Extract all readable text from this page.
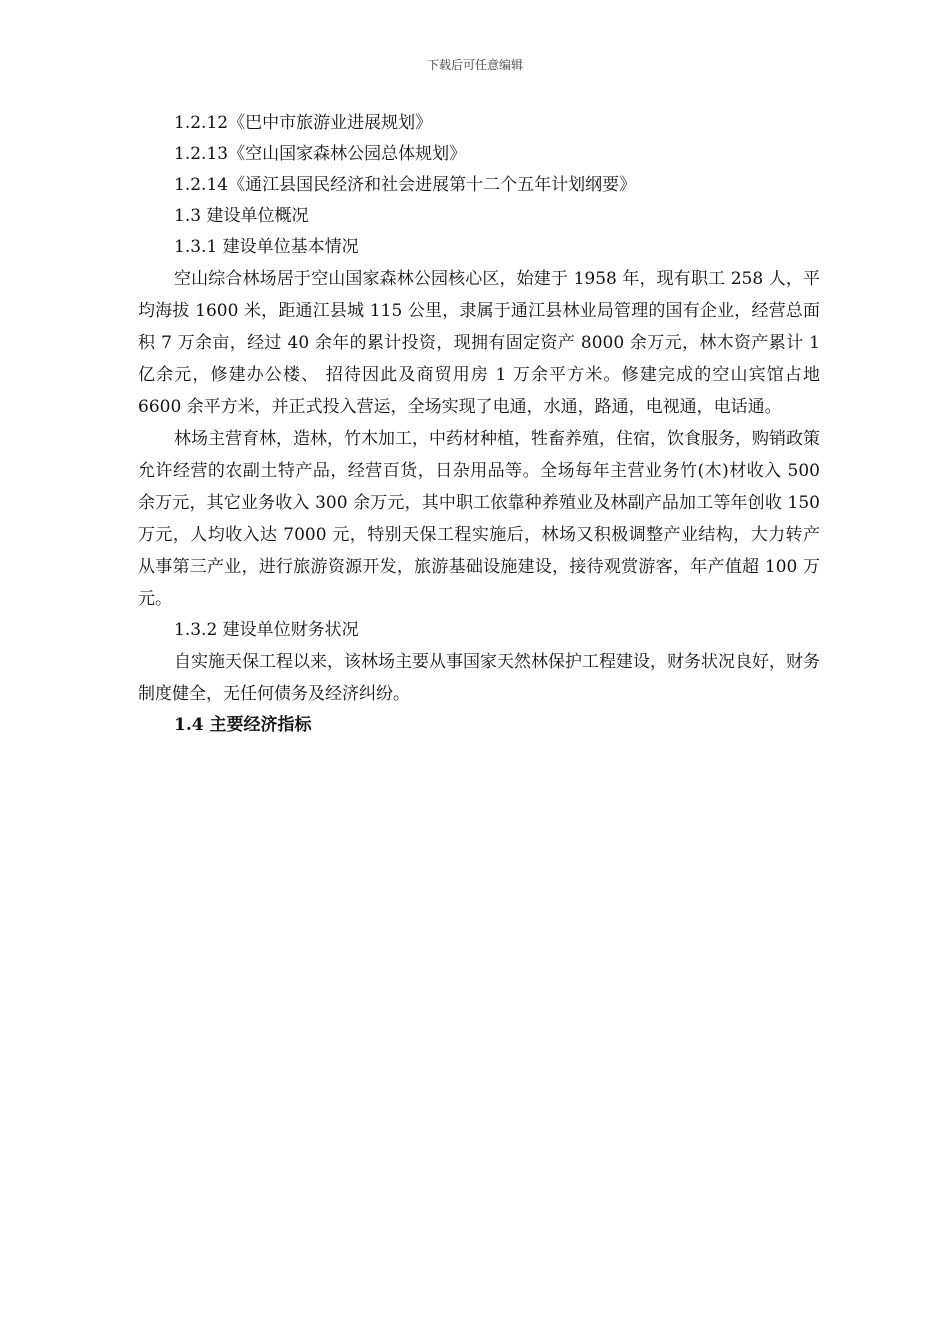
下载后可任意编辑
1.2.12《巴中市旅游业进展规划》
1.2.13《空山国家森林公园总体规划》
1.2.14《通江县国民经济和社会进展第十二个五年计划纲要》
1.3 建设单位概况
1.3.1 建设单位基本情况

空山综合林场居于空山国家森林公园核心区，始建于 1958 年，现有职工 258 人，平均海拔 1600 米，距通江县城 115 公里，隶属于通江县林业局管理的国有企业，经营总面积 7 万余亩，经过 40 余年的累计投资，现拥有固定资产 8000 余万元，林木资产累计 1 亿余元，修建办公楼、 招待因此及商贸用房 1 万余平方米。修建完成的空山宾馆占地 6600 余平方米，并正式投入营运，全场实现了电通，水通，路通，电视通，电话通。

林场主营育林，造林，竹木加工，中药材种植，牲畜养殖，住宿，饮食服务，购销政策允许经营的农副土特产品，经营百货，日杂用品等。全场每年主营业务竹(木)材收入 500 余万元，其它业务收入 300 余万元，其中职工依靠种养殖业及林副产品加工等年创收 150 万元，人均收入达 7000 元，特别天保工程实施后，林场又积极调整产业结构，大力转产从事第三产业，进行旅游资源开发，旅游基础设施建设，接待观赏游客，年产值超 100 万元。

1.3.2 建设单位财务状况

自实施天保工程以来，该林场主要从事国家天然林保护工程建设，财务状况良好，财务制度健全，无任何债务及经济纠纷。

1.4 主要经济指标
